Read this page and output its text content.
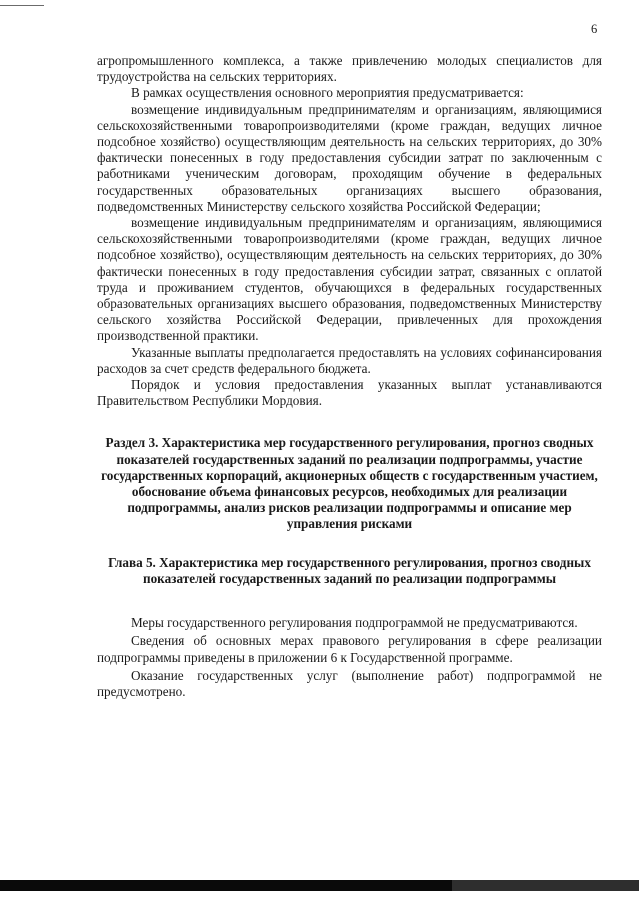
6

агропромышленного комплекса, а также привлечению молодых специалистов для трудоустройства на сельских территориях.

В рамках осуществления основного мероприятия предусматривается:

возмещение индивидуальным предпринимателям и организациям, являющимися сельскохозяйственными товаропроизводителями (кроме граждан, ведущих личное подсобное хозяйство) осуществляющим деятельность на сельских территориях, до 30% фактически понесенных в году предоставления субсидии затрат по заключенным с работниками ученическим договорам, проходящим обучение в федеральных государственных образовательных организациях высшего образования, подведомственных Министерству сельского хозяйства Российской Федерации;

возмещение индивидуальным предпринимателям и организациям, являющимися сельскохозяйственными товаропроизводителями (кроме граждан, ведущих личное подсобное хозяйство), осуществляющим деятельность на сельских территориях, до 30% фактически понесенных в году предоставления субсидии затрат, связанных с оплатой труда и проживанием студентов, обучающихся в федеральных государственных образовательных организациях высшего образования, подведомственных Министерству сельского хозяйства Российской Федерации, привлеченных для прохождения производственной практики.

Указанные выплаты предполагается предоставлять на условиях софинансирования расходов за счет средств федерального бюджета.

Порядок и условия предоставления указанных выплат устанавливаются Правительством Республики Мордовия.

Раздел 3. Характеристика мер государственного регулирования, прогноз сводных показателей государственных заданий по реализации подпрограммы, участие государственных корпораций, акционерных обществ с государственным участием, обоснование объема финансовых ресурсов, необходимых для реализации подпрограммы, анализ рисков реализации подпрограммы и описание мер управления рисками

Глава 5. Характеристика мер государственного регулирования, прогноз сводных показателей государственных заданий по реализации подпрограммы

Меры государственного регулирования подпрограммой не предусматриваются.

Сведения об основных мерах правового регулирования в сфере реализации подпрограммы приведены в приложении 6 к Государственной программе.

Оказание государственных услуг (выполнение работ) подпрограммой не предусмотрено.
